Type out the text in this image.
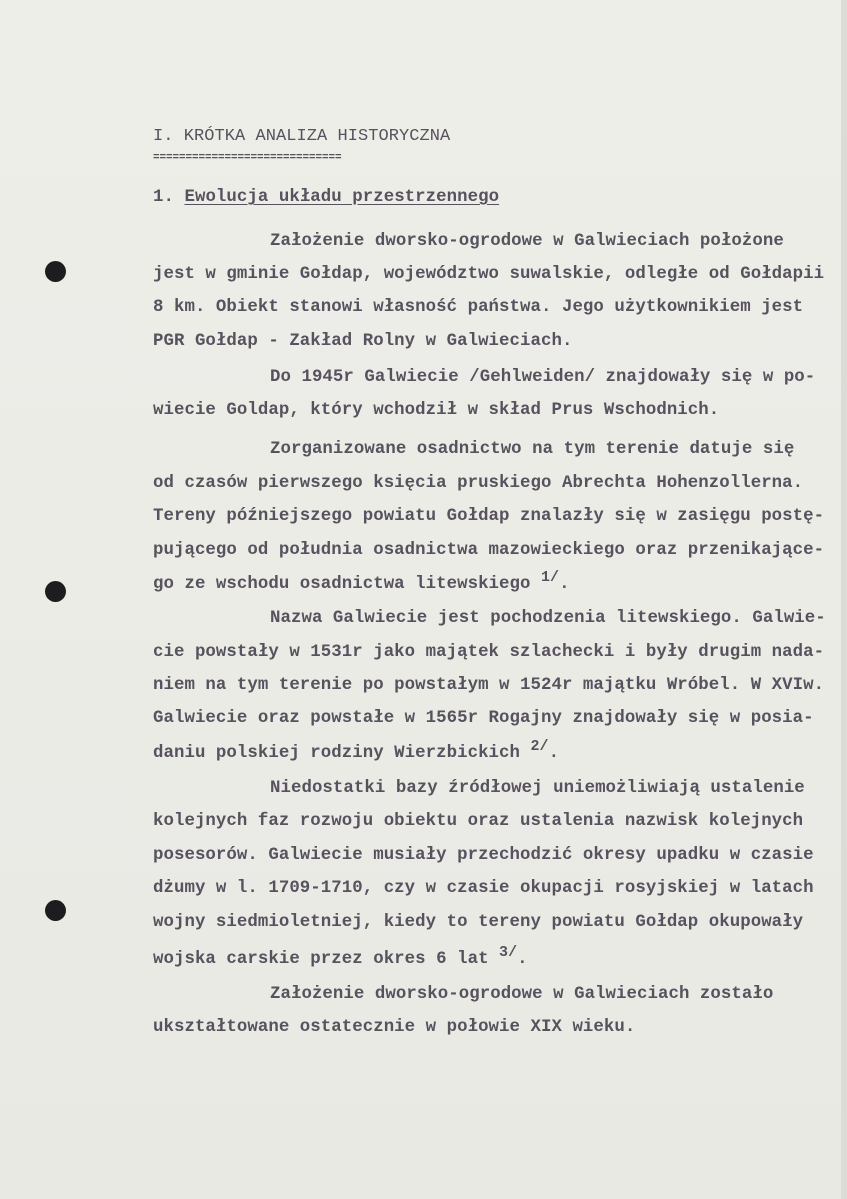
I. KRÓTKA ANALIZA HISTORYCZNA
=============================
1. Ewolucja układu przestrzennego
Założenie dworsko-ogrodowe w Galwieciach położone
jest w gminie Gołdap, województwo suwalskie, odległe od Gołdapii
8 km. Obiekt stanowi własność państwa. Jego użytkownikiem jest
PGR Gołdap - Zakład Rolny w Galwieciach.
Do 1945r Galwiecie /Gehlweiden/ znajdowały się w po-
wiecie Goldap, który wchodził w skład Prus Wschodnich.
Zorganizowane osadnictwo na tym terenie datuje się
od czasów pierwszego księcia pruskiego Abrechta Hohenzollerna.
Tereny późniejszego powiatu Gołdap znalazły się w zasięgu postę-
pującego od południa osadnictwa mazowieckiego oraz przenikające-
go ze wschodu osadnictwa litewskiego $^{1/}$.
Nazwa Galwiecie jest pochodzenia litewskiego. Galwie-
cie powstały w 1531r jako majątek szlachecki i były drugim nada-
niem na tym terenie po powstałym w 1524r majątku Wróbel. W XVIw.
Galwiecie oraz powstałe w 1565r Rogajny znajdowały się w posia-
daniu polskiej rodziny Wierzbickich $^{2/}$.
Niedostatki bazy źródłowej uniemożliwiają ustalenie
kolejnych faz rozwoju obiektu oraz ustalenia nazwisk kolejnych
posesorów. Galwiecie musiały przechodzić okresy upadku w czasie
dżumy w l. 1709-1710, czy w czasie okupacji rosyjskiej w latach
wojny siedmioletniej, kiedy to tereny powiatu Gołdap okupowały
wojska carskie przez okres 6 lat $^{3/}$.
Założenie dworsko-ogrodowe w Galwieciach zostało
ukształtowane ostatecznie w połowie XIX wieku.
